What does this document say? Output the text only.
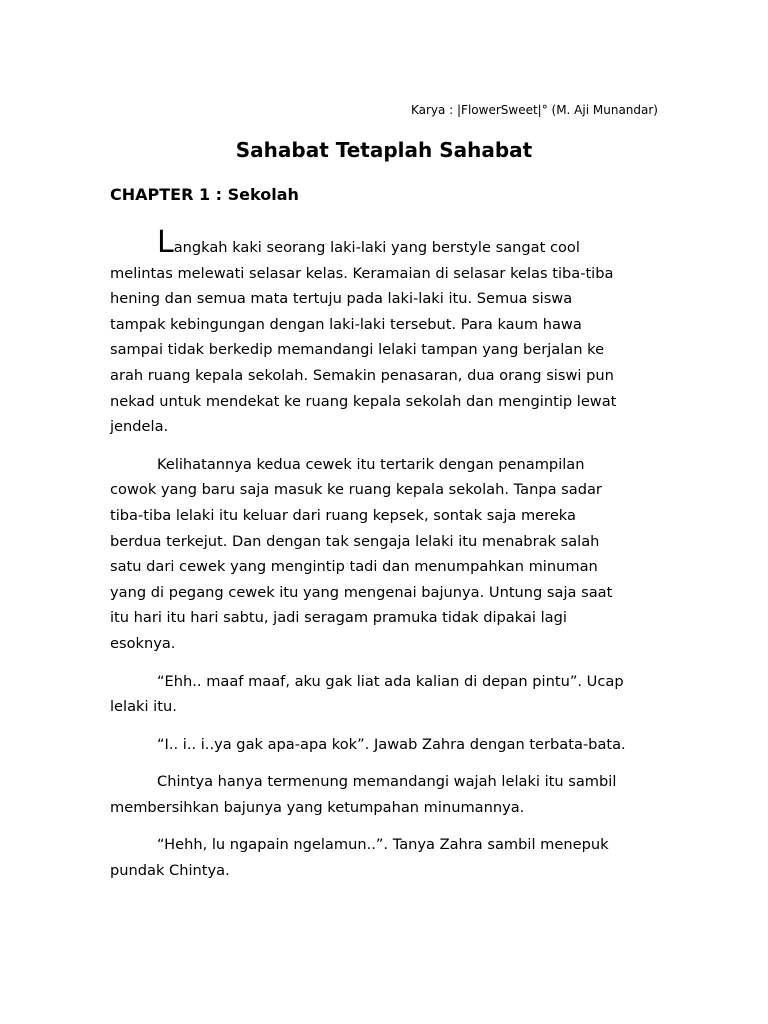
Karya : |FlowerSweet|° (M. Aji Munandar)
Sahabat Tetaplah Sahabat
CHAPTER 1 : Sekolah

Langkah kaki seorang laki-laki yang berstyle sangat cool
melintas melewati selasar kelas. Keramaian di selasar kelas tiba-tiba
hening dan semua mata tertuju pada laki-laki itu. Semua siswa
tampak kebingungan dengan laki-laki tersebut. Para kaum hawa
sampai tidak berkedip memandangi lelaki tampan yang berjalan ke
arah ruang kepala sekolah. Semakin penasaran, dua orang siswi pun
nekad untuk mendekat ke ruang kepala sekolah dan mengintip lewat
jendela.

Kelihatannya kedua cewek itu tertarik dengan penampilan
cowok yang baru saja masuk ke ruang kepala sekolah. Tanpa sadar
tiba-tiba lelaki itu keluar dari ruang kepsek, sontak saja mereka
berdua terkejut. Dan dengan tak sengaja lelaki itu menabrak salah
satu dari cewek yang mengintip tadi dan menumpahkan minuman
yang di pegang cewek itu yang mengenai bajunya. Untung saja saat
itu hari itu hari sabtu, jadi seragam pramuka tidak dipakai lagi
esoknya.

“Ehh.. maaf maaf, aku gak liat ada kalian di depan pintu”. Ucap
lelaki itu.

“I.. i.. i..ya gak apa-apa kok”. Jawab Zahra dengan terbata-bata.

Chintya hanya termenung memandangi wajah lelaki itu sambil
membersihkan bajunya yang ketumpahan minumannya.

“Hehh, lu ngapain ngelamun..”. Tanya Zahra sambil menepuk
pundak Chintya.
